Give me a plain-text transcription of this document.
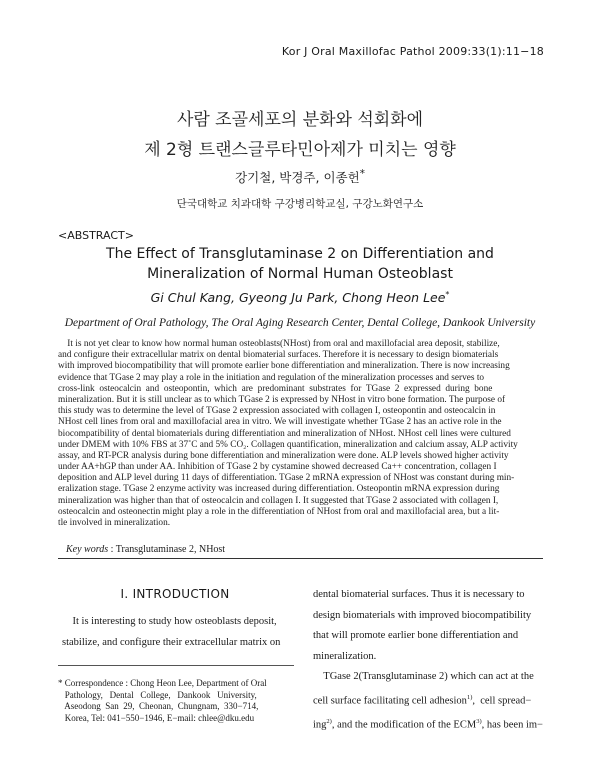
Kor J Oral Maxillofac Pathol 2009:33(1):11−18
사람 조골세포의 분화와 석회화에
제 2형 트랜스글루타민아제가 미치는 영향
강기철, 박경주, 이종헌*
단국대학교 치과대학 구강병리학교실, 구강노화연구소
<ABSTRACT>
The Effect of Transglutaminase 2 on Differentiation and
Mineralization of Normal Human Osteoblast
Gi Chul Kang, Gyeong Ju Park, Chong Heon Lee*
Department of Oral Pathology, The Oral Aging Research Center, Dental College, Dankook University
It is not yet clear to know how normal human osteoblasts(NHost) from oral and maxillofacial area deposit, stabilize,
and configure their extracellular matrix on dental biomaterial surfaces. Therefore it is necessary to design biomaterials
with improved biocompatibility that will promote earlier bone differentiation and mineralization. There is now increasing
evidence that TGase 2 may play a role in the initiation and regulation of the mineralization processes and serves to
cross-link  osteocalcin  and  osteopontin,  which  are  predominant  substrates  for  TGase  2  expressed  during  bone
mineralization. But it is still unclear as to which TGase 2 is expressed by NHost in vitro bone formation. The purpose of
this study was to determine the level of TGase 2 expression associated with collagen I, osteopontin and osteocalcin in
NHost cell lines from oral and maxillofacial area in vitro. We will investigate whether TGase 2 has an active role in the
biocompatibility of dental biomaterials during differentiation and mineralization of NHost. NHost cell lines were cultured
under DMEM with 10% FBS at 37˚C and 5% CO₂. Collagen quantification, mineralization and calcium assay, ALP activity
assay, and RT-PCR analysis during bone differentiation and mineralization were done. ALP levels showed higher activity
under AA+hGP than under AA. Inhibition of TGase 2 by cystamine showed decreased Ca++ concentration, collagen I
deposition and ALP level during 11 days of differentiation. TGase 2 mRNA expression of NHost was constant during min-
eralization stage. TGase 2 enzyme activity was increased during differentiation. Osteopontin mRNA expression during
mineralization was higher than that of osteocalcin and collagen I. It suggested that TGase 2 associated with collagen I,
osteocalcin and osteonectin might play a role in the differentiation of NHost from oral and maxillofacial area, but a lit-
tle involved in mineralization.
Key words : Transglutaminase 2, NHost
I. INTRODUCTION
It is interesting to study how osteoblasts deposit,
stabilize, and configure their extracellular matrix on
* Correspondence : Chong Heon Lee, Department of Oral
Pathology,   Dental   College,   Dankook   University,
Aseodong  San  29,  Cheonan,  Chungnam,  330−714,
Korea, Tel: 041−550−1946, E−mail: chlee@dku.edu
dental biomaterial surfaces. Thus it is necessary to
design biomaterials with improved biocompatibility
that will promote earlier bone differentiation and
mineralization.
TGase 2(Transglutaminase 2) which can act at the
cell surface facilitating cell adhesion$^{1)}$,  cell spread−
ing$^{2)}$, and the modification of the ECM$^{3)}$, has been im−
